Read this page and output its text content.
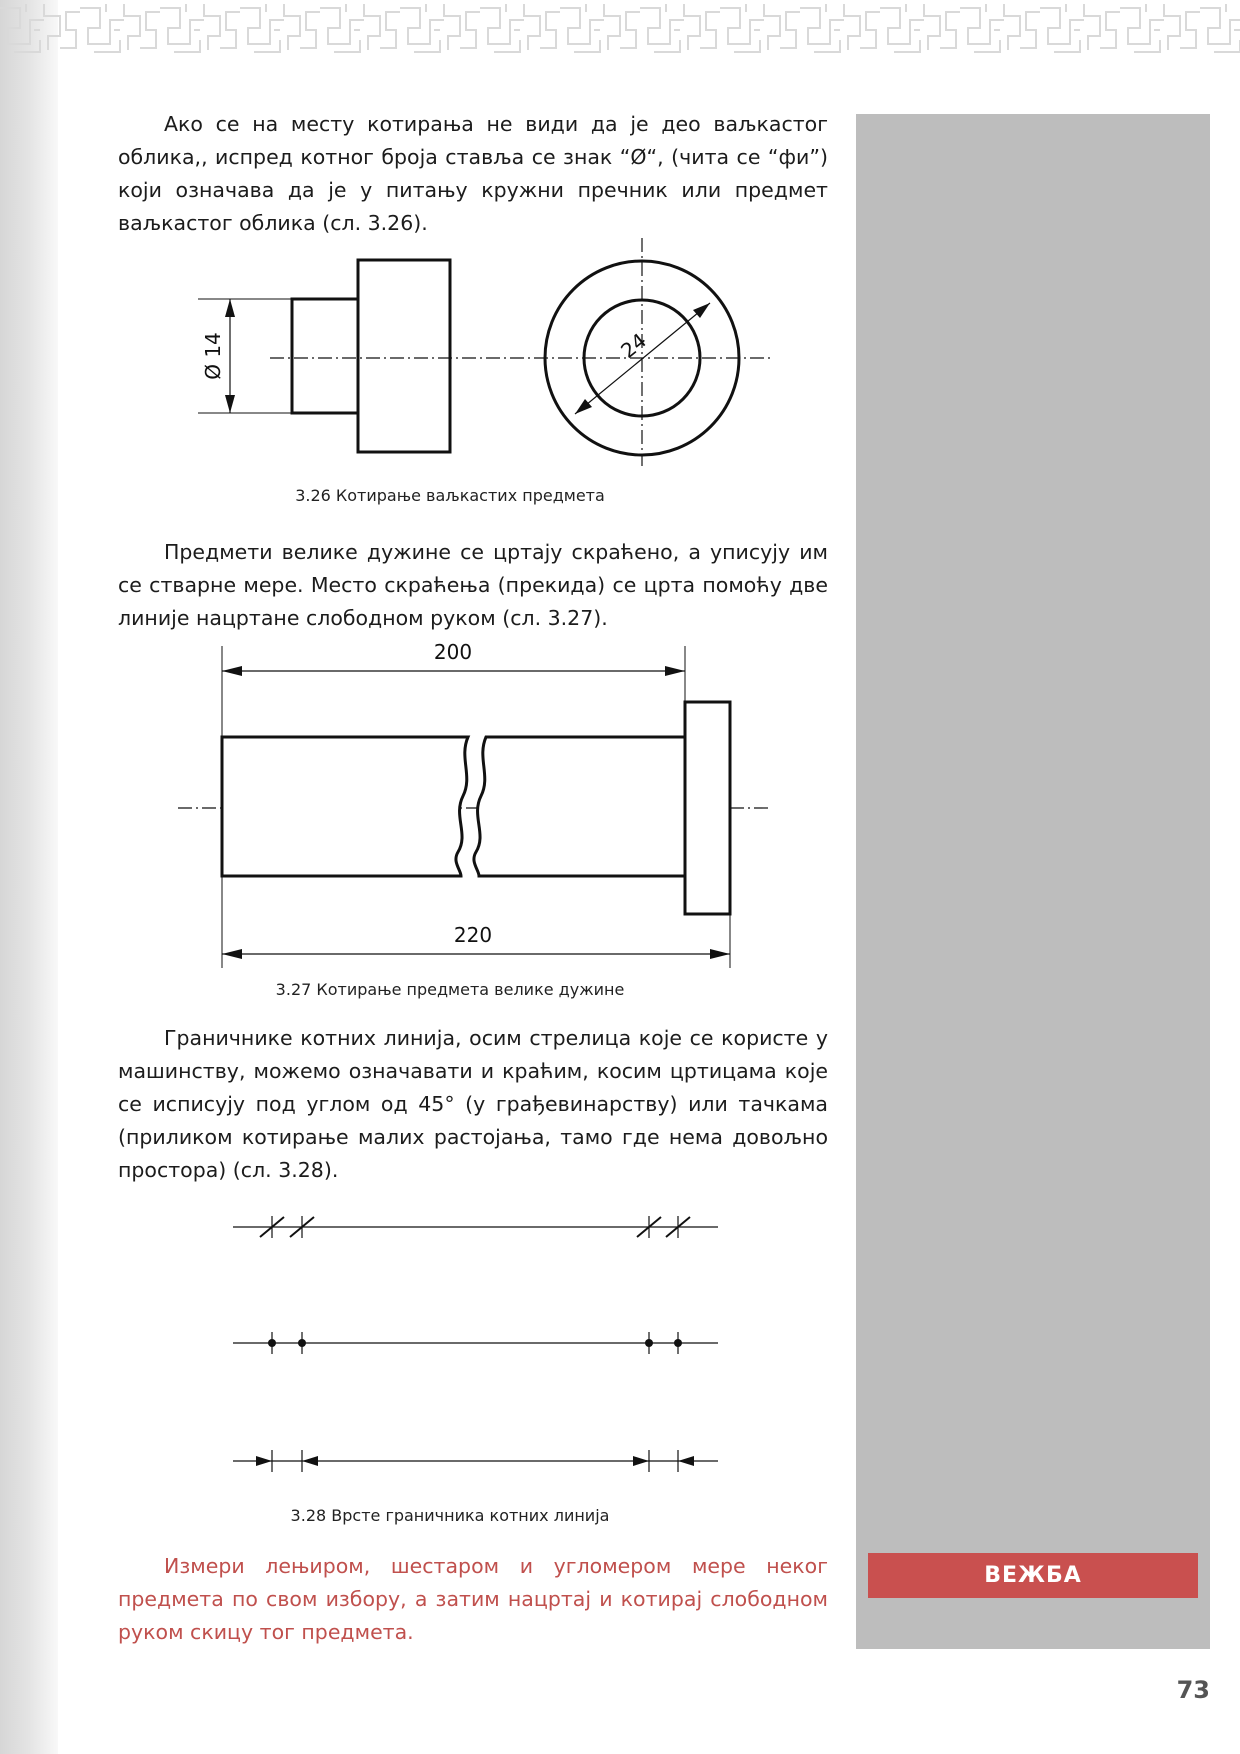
Ако се на месту котирања не види да је део ваљкастог облика,, испред котног броја ставља се знак “Ø“, (чита се “фи”) који означава да је у питању кружни пречник или предмет ваљкастог облика (сл. 3.26).

Ø 14	24
3.26 Котирање ваљкастих предмета

Предмети велике дужине се цртају скраћено, а уписују им се стварне мере. Место скраћења (прекида) се црта помоћу две линије нацртане слободном руком (сл. 3.27).

200
220
3.27 Котирање предмета велике дужине

Граничнике котних линија, осим стрелица које се користе у машинству, можемо означавати и краћим, косим цртицама које се исписују под углом од 45° (у грађевинарству) или тачкама (приликом котирање малих растојања, тамо где нема довољно простора) (сл. 3.28).

3.28 Врсте граничника котних линија

Измери лењиром, шестаром и угломером мере неког предмета по свом избору, а затим нацртај и котирај слободном руком скицу тог предмета.

ВЕЖБА
73
